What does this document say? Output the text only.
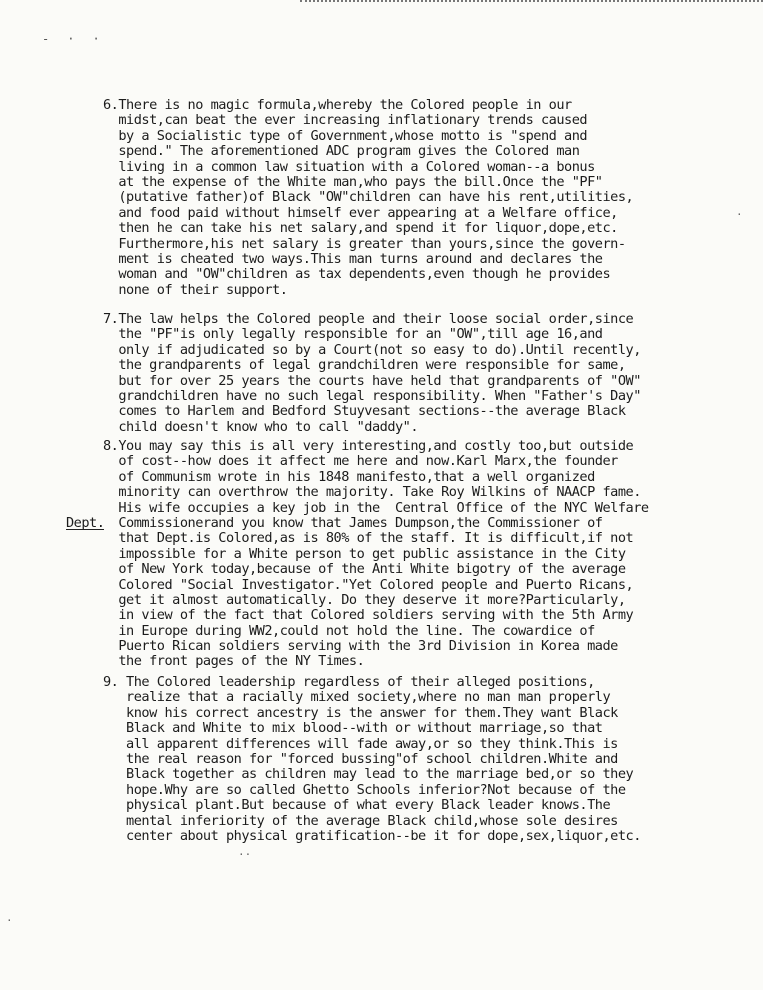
-··
6.There is no magic formula,whereby the Colored people in our
midst,can beat the ever increasing inflationary trends caused
by a Socialistic type of Government,whose motto is "spend and
spend." The aforementioned ADC program gives the Colored man
living in a common law situation with a Colored woman--a bonus
at the expense of the White man,who pays the bill.Once the "PF"
(putative father)of Black "OW"children can have his rent,utilities,
and food paid without himself ever appearing at a Welfare office,
then he can take his net salary,and spend it for liquor,dope,etc.
Furthermore,his net salary is greater than yours,since the govern-
ment is cheated two ways.This man turns around and declares the
woman and "OW"children as tax dependents,even though he provides
none of their support.
7.The law helps the Colored people and their loose social order,since
the "PF"is only legally responsible for an "OW",till age 16,and
only if adjudicated so by a Court(not so easy to do).Until recently,
the grandparents of legal grandchildren were responsible for same,
but for over 25 years the courts have held that grandparents of "OW"
grandchildren have no such legal responsibility. When "Father's Day"
comes to Harlem and Bedford Stuyvesant sections--the average Black
child doesn't know who to call "daddy".
8.You may say this is all very interesting,and costly too,but outside
of cost--how does it affect me here and now.Karl Marx,the founder
of Communism wrote in his 1848 manifesto,that a well organized
minority can overthrow the majority. Take Roy Wilkins of NAACP fame.
His wife occupies a key job in the  Central Office of the NYC Welfare
Commissionerand you know that James Dumpson,the Commissioner of
that Dept.is Colored,as is 80% of the staff. It is difficult,if not
impossible for a White person to get public assistance in the City
of New York today,because of the Anti White bigotry of the average
Colored "Social Investigator."Yet Colored people and Puerto Ricans,
get it almost automatically. Do they deserve it more?Particularly,
in view of the fact that Colored soldiers serving with the 5th Army
in Europe during WW2,could not hold the line. The cowardice of
Puerto Rican soldiers serving with the 3rd Division in Korea made
the front pages of the NY Times.
Dept.
9. The Colored leadership regardless of their alleged positions,
realize that a racially mixed society,where no man man properly
know his correct ancestry is the answer for them.They want Black
Black and White to mix blood--with or without marriage,so that
all apparent differences will fade away,or so they think.This is
the real reason for "forced bussing"of school children.White and
Black together as children may lead to the marriage bed,or so they
hope.Why are so called Ghetto Schools inferior?Not because of the
physical plant.But because of what every Black leader knows.The
mental inferiority of the average Black child,whose sole desires
center about physical gratification--be it for dope,sex,liquor,etc.
··
·
·
